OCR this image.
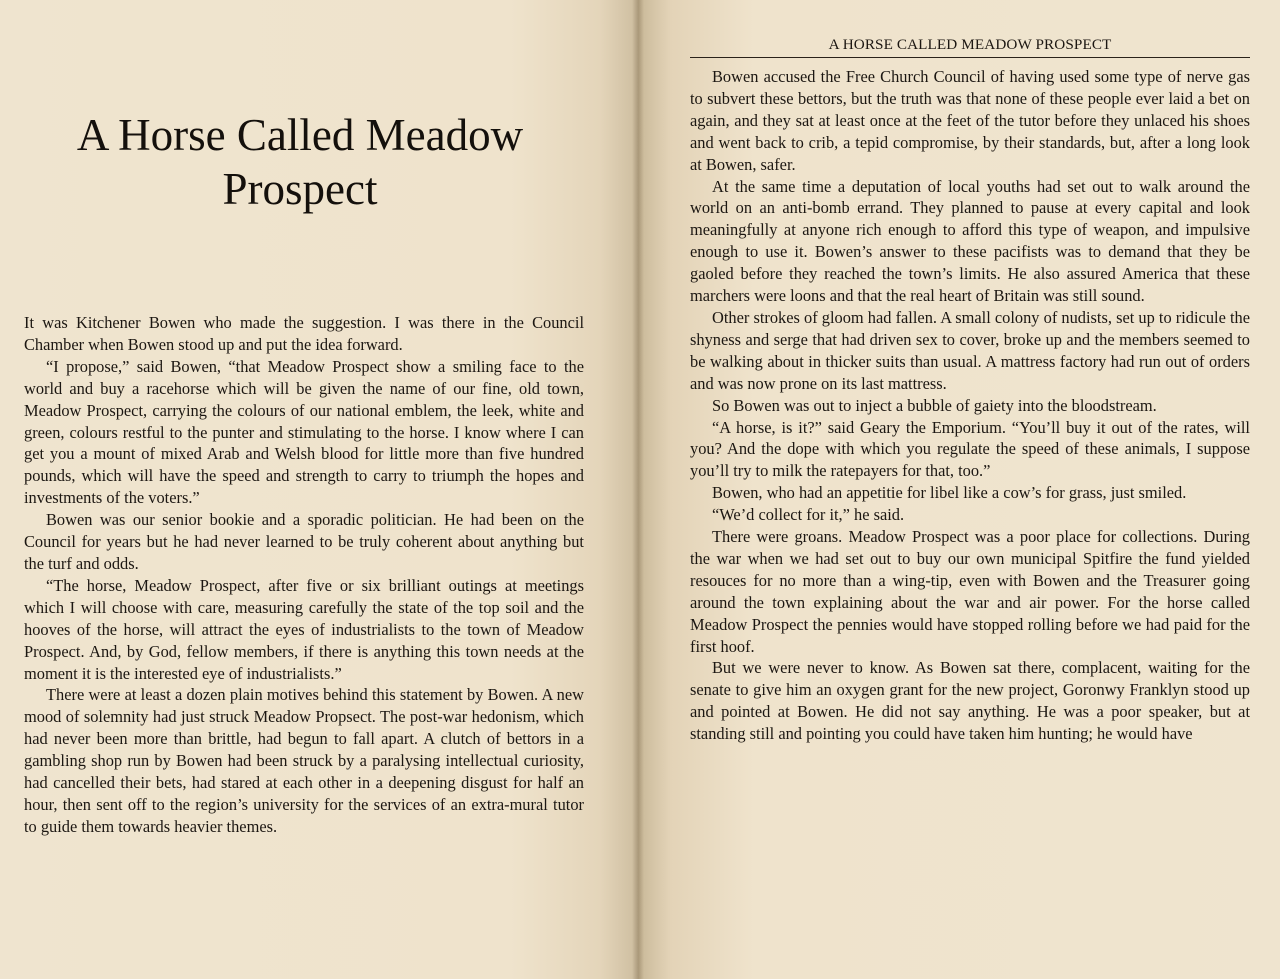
A Horse Called Meadow Prospect

It was Kitchener Bowen who made the suggestion. I was there in the Council Chamber when Bowen stood up and put the idea forward.

“I propose,” said Bowen, “that Meadow Prospect show a smiling face to the world and buy a racehorse which will be given the name of our fine, old town, Meadow Prospect, carrying the colours of our national emblem, the leek, white and green, colours restful to the punter and stimulating to the horse. I know where I can get you a mount of mixed Arab and Welsh blood for little more than five hundred pounds, which will have the speed and strength to carry to triumph the hopes and investments of the voters.”

Bowen was our senior bookie and a sporadic politician. He had been on the Council for years but he had never learned to be truly coherent about anything but the turf and odds.

“The horse, Meadow Prospect, after five or six brilliant outings at meetings which I will choose with care, measuring carefully the state of the top soil and the hooves of the horse, will attract the eyes of industrialists to the town of Meadow Prospect. And, by God, fellow members, if there is anything this town needs at the moment it is the interested eye of industrialists.”

There were at least a dozen plain motives behind this statement by Bowen. A new mood of solemnity had just struck Meadow Propsect. The post-war hedonism, which had never been more than brittle, had begun to fall apart. A clutch of bettors in a gambling shop run by Bowen had been struck by a paralysing intellectual curiosity, had cancelled their bets, had stared at each other in a deepening disgust for half an hour, then sent off to the region’s university for the services of an extra-mural tutor to guide them towards heavier themes.

A HORSE CALLED MEADOW PROSPECT

Bowen accused the Free Church Council of having used some type of nerve gas to subvert these bettors, but the truth was that none of these people ever laid a bet on again, and they sat at least once at the feet of the tutor before they unlaced his shoes and went back to crib, a tepid compromise, by their standards, but, after a long look at Bowen, safer.

At the same time a deputation of local youths had set out to walk around the world on an anti-bomb errand. They planned to pause at every capital and look meaningfully at anyone rich enough to afford this type of weapon, and impulsive enough to use it. Bowen’s answer to these pacifists was to demand that they be gaoled before they reached the town’s limits. He also assured America that these marchers were loons and that the real heart of Britain was still sound.

Other strokes of gloom had fallen. A small colony of nudists, set up to ridicule the shyness and serge that had driven sex to cover, broke up and the members seemed to be walking about in thicker suits than usual. A mattress factory had run out of orders and was now prone on its last mattress.

So Bowen was out to inject a bubble of gaiety into the bloodstream.

“A horse, is it?” said Geary the Emporium. “You’ll buy it out of the rates, will you? And the dope with which you regulate the speed of these animals, I suppose you’ll try to milk the ratepayers for that, too.”

Bowen, who had an appetitie for libel like a cow’s for grass, just smiled.

“We’d collect for it,” he said.

There were groans. Meadow Prospect was a poor place for collections. During the war when we had set out to buy our own municipal Spitfire the fund yielded resouces for no more than a wing-tip, even with Bowen and the Treasurer going around the town explaining about the war and air power. For the horse called Meadow Prospect the pennies would have stopped rolling before we had paid for the first hoof.

But we were never to know. As Bowen sat there, complacent, waiting for the senate to give him an oxygen grant for the new project, Goronwy Franklyn stood up and pointed at Bowen. He did not say anything. He was a poor speaker, but at standing still and pointing you could have taken him hunting; he would have
